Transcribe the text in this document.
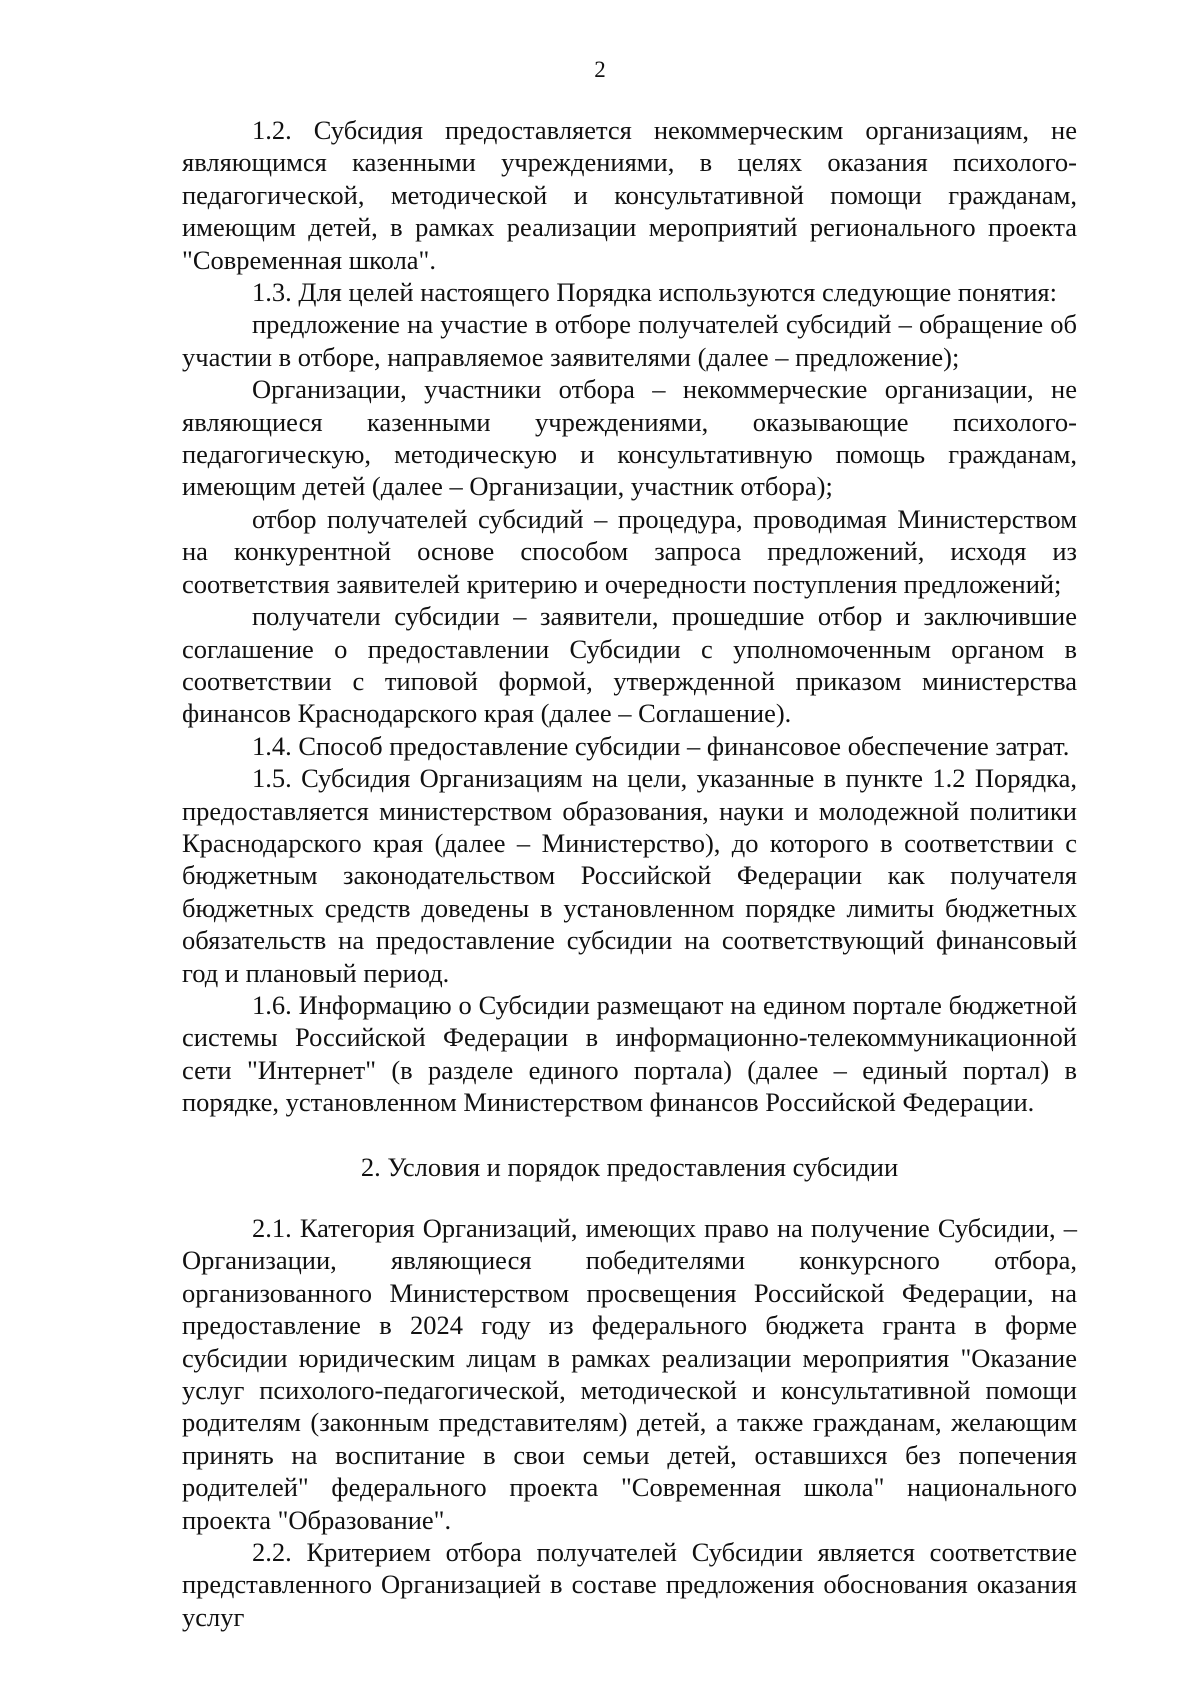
2

1.2. Субсидия предоставляется некоммерческим организациям, не являющимся казенными учреждениями, в целях оказания психолого-педагогической, методической и консультативной помощи гражданам, имеющим детей, в рамках реализации мероприятий регионального проекта "Современная школа".

1.3. Для целей настоящего Порядка используются следующие понятия:

предложение на участие в отборе получателей субсидий – обращение об участии в отборе, направляемое заявителями (далее – предложение);

Организации, участники отбора – некоммерческие организации, не являющиеся казенными учреждениями, оказывающие психолого-педагогическую, методическую и консультативную помощь гражданам, имеющим детей (далее – Организации, участник отбора);

отбор получателей субсидий – процедура, проводимая Министерством на конкурентной основе способом запроса предложений, исходя из соответствия заявителей критерию и очередности поступления предложений;

получатели субсидии – заявители, прошедшие отбор и заключившие соглашение о предоставлении Субсидии с уполномоченным органом в соответствии с типовой формой, утвержденной приказом министерства финансов Краснодарского края (далее – Соглашение).

1.4. Способ предоставление субсидии – финансовое обеспечение затрат.

1.5. Субсидия Организациям на цели, указанные в пункте 1.2 Порядка, предоставляется министерством образования, науки и молодежной политики Краснодарского края (далее – Министерство), до которого в соответствии с бюджетным законодательством Российской Федерации как получателя бюджетных средств доведены в установленном порядке лимиты бюджетных обязательств на предоставление субсидии на соответствующий финансовый год и плановый период.

1.6. Информацию о Субсидии размещают на едином портале бюджетной системы Российской Федерации в информационно-телекоммуникационной сети "Интернет" (в разделе единого портала) (далее – единый портал) в порядке, установленном Министерством финансов Российской Федерации.

2. Условия и порядок предоставления субсидии

2.1. Категория Организаций, имеющих право на получение Субсидии, – Организации, являющиеся победителями конкурсного отбора, организованного Министерством просвещения Российской Федерации, на предоставление в 2024 году из федерального бюджета гранта в форме субсидии юридическим лицам в рамках реализации мероприятия "Оказание услуг психолого-педагогической, методической и консультативной помощи родителям (законным представителям) детей, а также гражданам, желающим принять на воспитание в свои семьи детей, оставшихся без попечения родителей" федерального проекта "Современная школа" национального проекта "Образование".

2.2. Критерием отбора получателей Субсидии является соответствие представленного Организацией в составе предложения обоснования оказания услуг
